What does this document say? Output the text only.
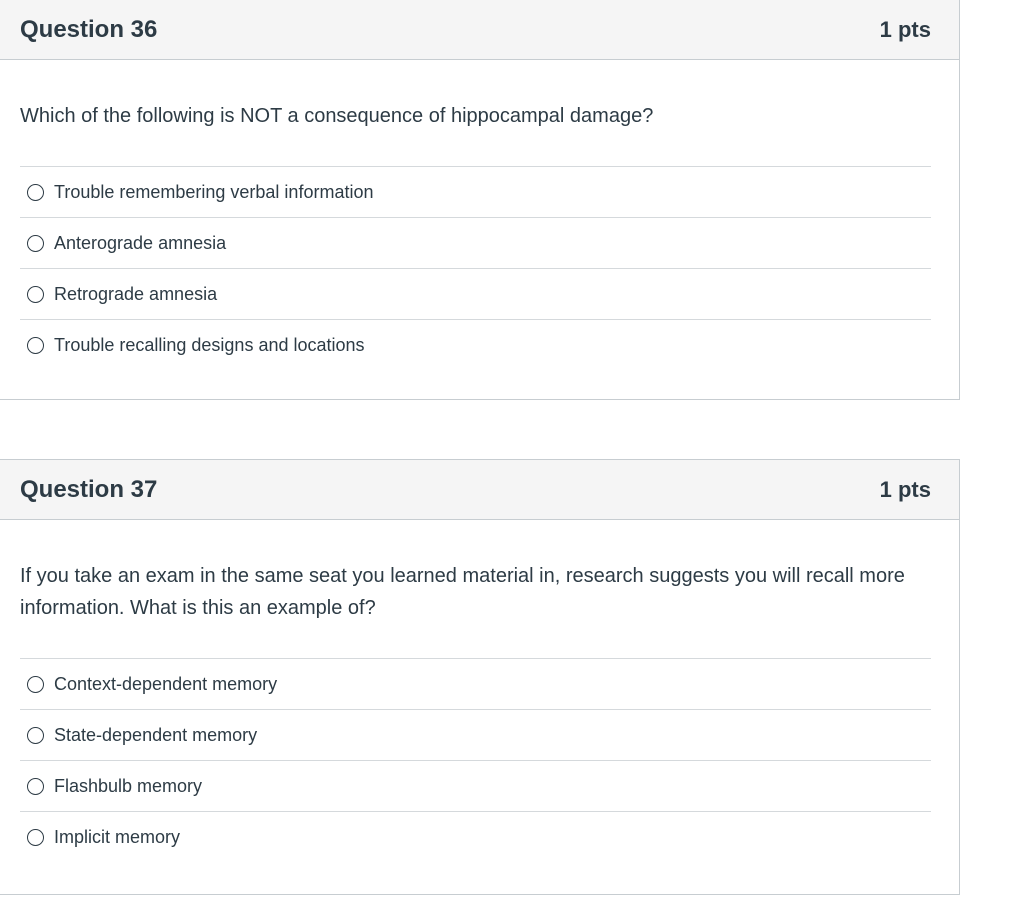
Question 36	1 pts

Which of the following is NOT a consequence of hippocampal damage?

Trouble remembering verbal information
Anterograde amnesia
Retrograde amnesia
Trouble recalling designs and locations
Question 37	1 pts

If you take an exam in the same seat you learned material in, research suggests you will recall more information. What is this an example of?

Context-dependent memory
State-dependent memory
Flashbulb memory
Implicit memory
